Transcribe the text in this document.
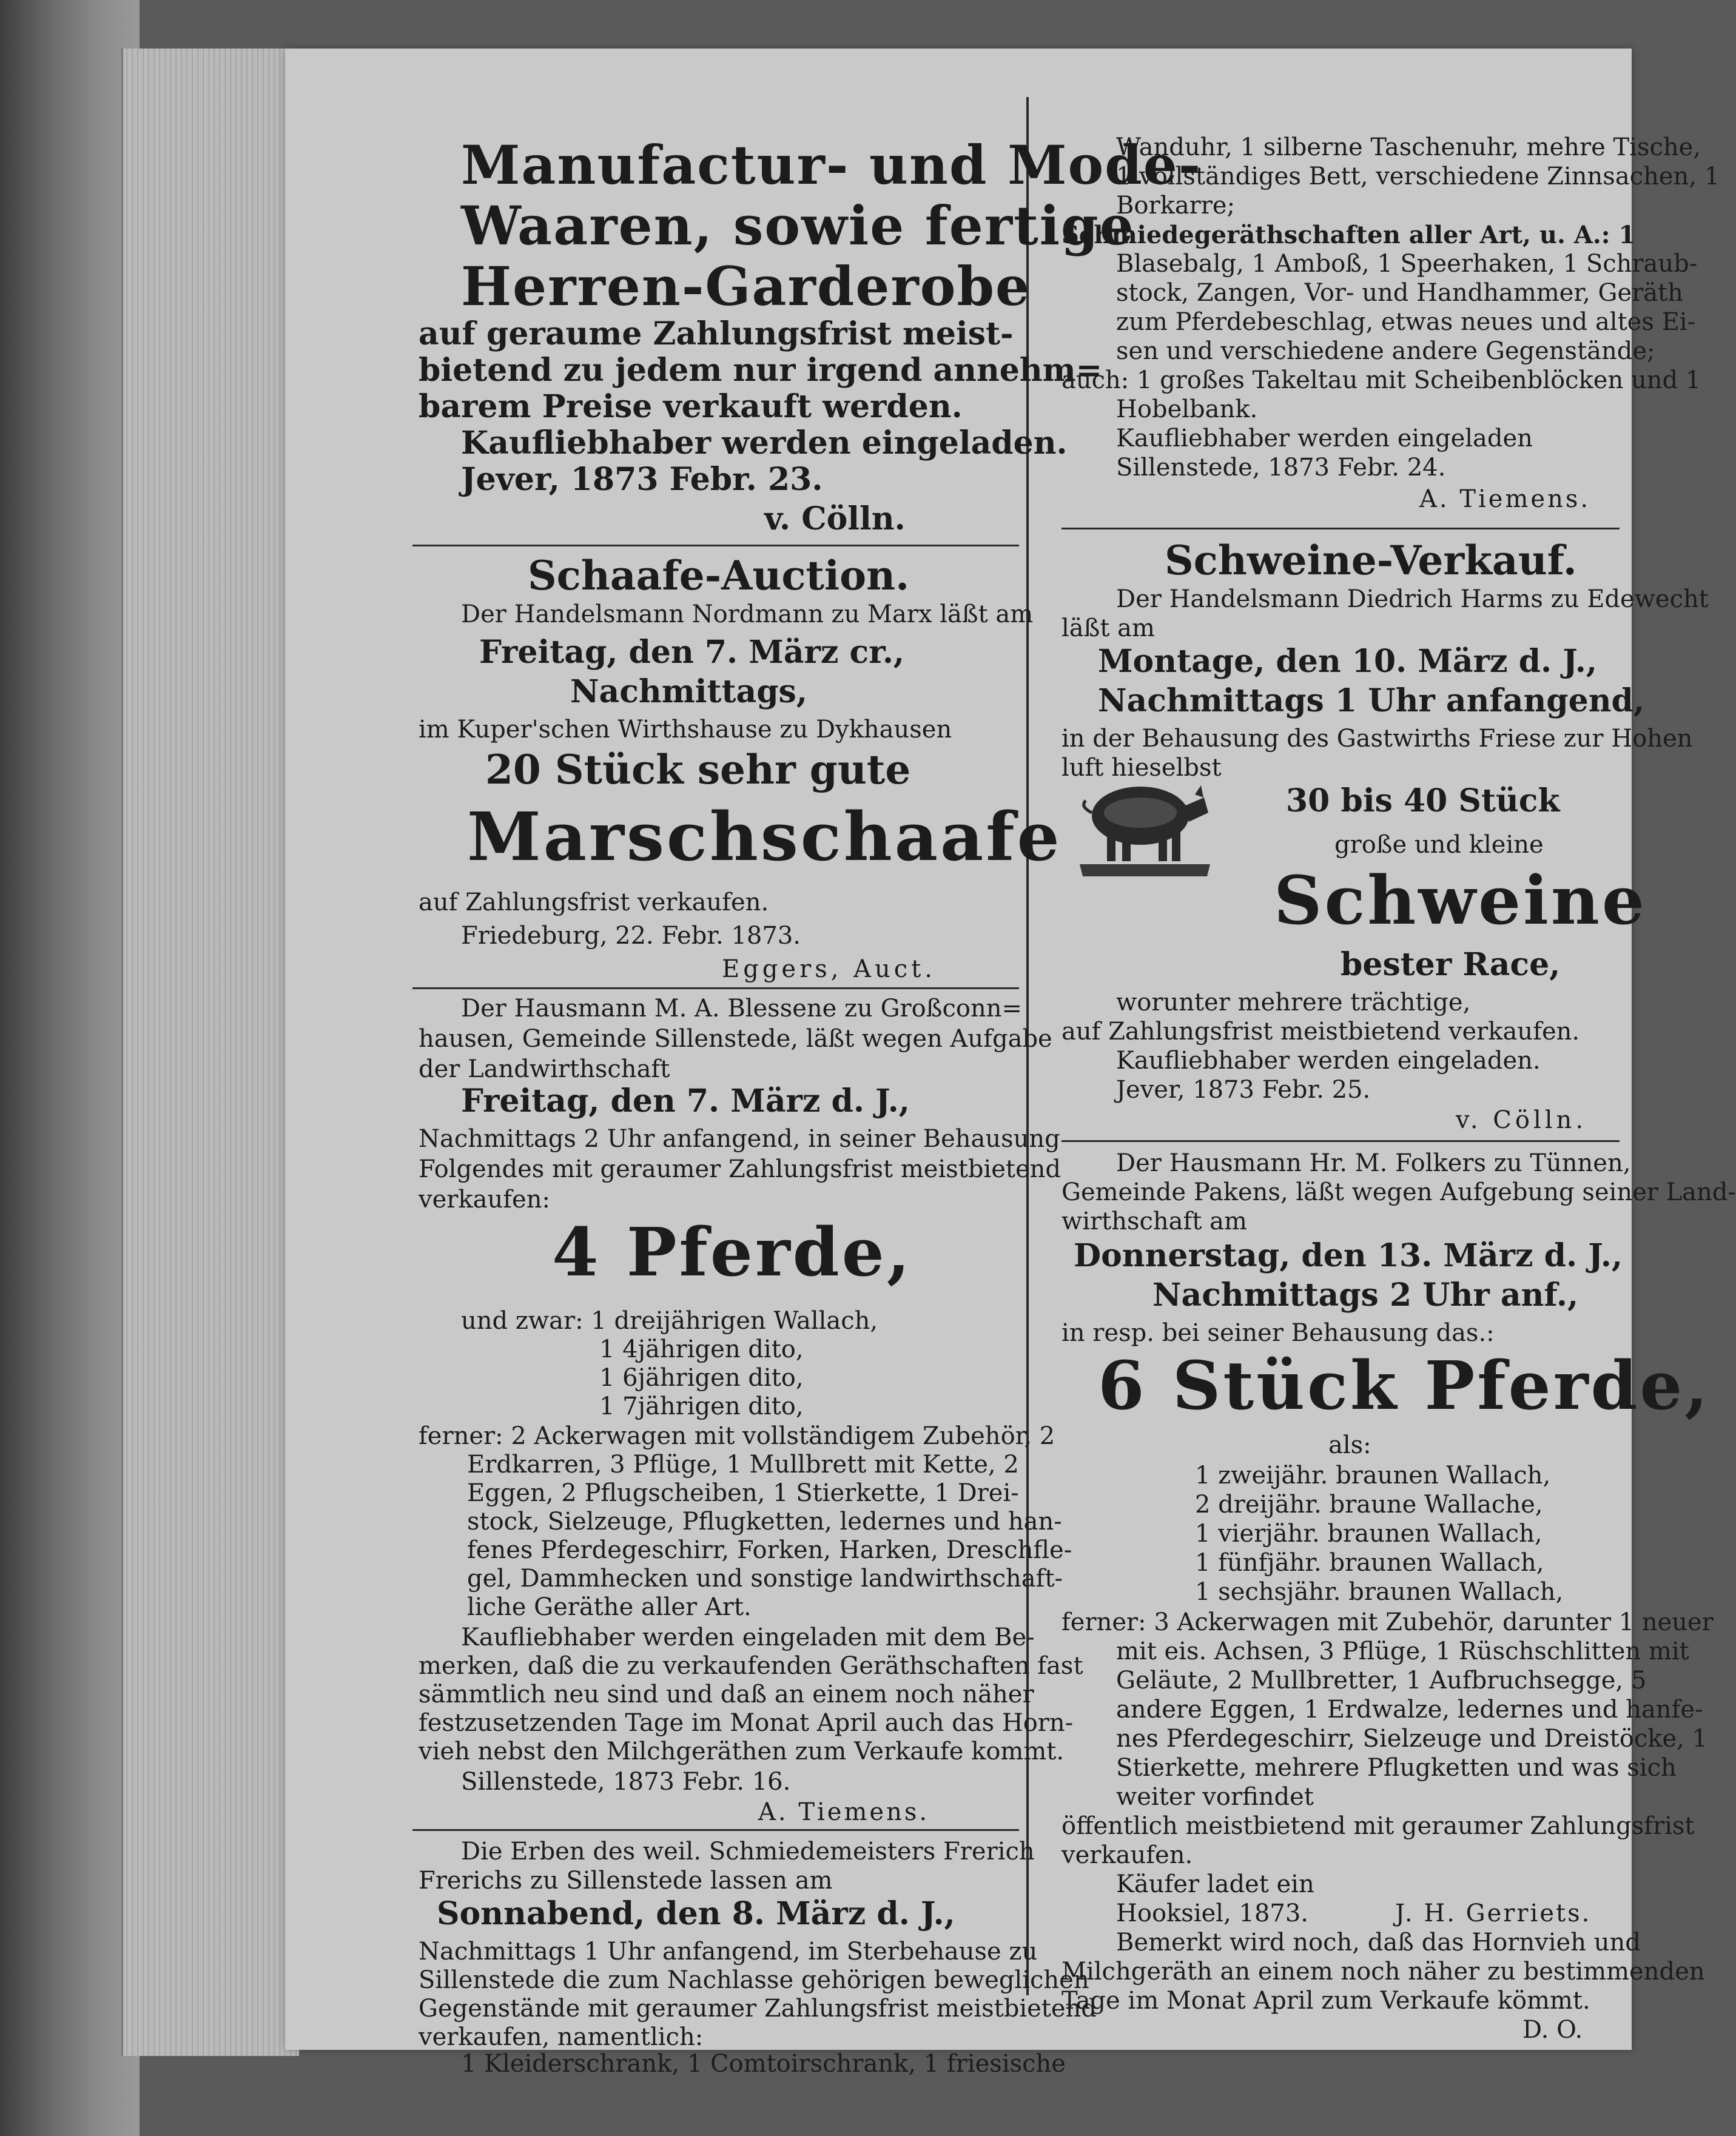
Manufactur- und Mode-
Waaren, sowie fertige
Herren-Garderobe
auf geraume Zahlungsfrist meist-
bietend zu jedem nur irgend annehm=
barem Preise verkauft werden.
Kaufliebhaber werden eingeladen.
Jever, 1873 Febr. 23.
v. Cölln.
Schaafe-Auction.
Der Handelsmann Nordmann zu Marx läßt am
Freitag, den 7. März cr.,
Nachmittags,
im Kuper'schen Wirthshause zu Dykhausen
20 Stück sehr gute
Marschschaafe
auf Zahlungsfrist verkaufen.
Friedeburg, 22. Febr. 1873.
Eggers, Auct.
Der Hausmann M. A. Blessene zu Großconn=
hausen, Gemeinde Sillenstede, läßt wegen Aufgabe
der Landwirthschaft
Freitag, den 7. März d. J.,
Nachmittags 2 Uhr anfangend, in seiner Behausung
Folgendes mit geraumer Zahlungsfrist meistbietend
verkaufen:
4 Pferde,
und zwar: 1 dreijährigen Wallach,
1 4jährigen dito,
1 6jährigen dito,
1 7jährigen dito,
ferner: 2 Ackerwagen mit vollständigem Zubehör, 2
Erdkarren, 3 Pflüge, 1 Mullbrett mit Kette, 2
Eggen, 2 Pflugscheiben, 1 Stierkette, 1 Drei-
stock, Sielzeuge, Pflugketten, ledernes und han-
fenes Pferdegeschirr, Forken, Harken, Dreschfle-
gel, Dammhecken und sonstige landwirthschaft-
liche Geräthe aller Art.
Kaufliebhaber werden eingeladen mit dem Be-
merken, daß die zu verkaufenden Geräthschaften fast
sämmtlich neu sind und daß an einem noch näher
festzusetzenden Tage im Monat April auch das Horn-
vieh nebst den Milchgeräthen zum Verkaufe kommt.
Sillenstede, 1873 Febr. 16.
A. Tiemens.
Die Erben des weil. Schmiedemeisters Frerich
Frerichs zu Sillenstede lassen am
Sonnabend, den 8. März d. J.,
Nachmittags 1 Uhr anfangend, im Sterbehause zu
Sillenstede die zum Nachlasse gehörigen beweglichen
Gegenstände mit geraumer Zahlungsfrist meistbietend
verkaufen, namentlich:
Wanduhr, 1 silberne Taschenuhr, mehre Tische,
1 vollständiges Bett, verschiedene Zinnsachen, 1
Borkarre;
Schmiedegeräthschaften aller Art, u. A.: 1
Blasebalg, 1 Amboß, 1 Speerhaken, 1 Schraub-
stock, Zangen, Vor- und Handhammer, Geräth
zum Pferdebeschlag, etwas neues und altes Ei-
sen und verschiedene andere Gegenstände;
auch: 1 großes Takeltau mit Scheibenblöcken und 1
Hobelbank.
Kaufliebhaber werden eingeladen
Sillenstede, 1873 Febr. 24.
A. Tiemens.
Schweine-Verkauf.
Der Handelsmann Diedrich Harms zu Edewecht
läßt am
Montage, den 10. März d. J.,
Nachmittags 1 Uhr anfangend,
in der Behausung des Gastwirths Friese zur Hohen
luft hieselbst
30 bis 40 Stück
große und kleine
Schweine
bester Race,
worunter mehrere trächtige,
auf Zahlungsfrist meistbietend verkaufen.
Kaufliebhaber werden eingeladen.
Jever, 1873 Febr. 25.
v. Cölln.
Der Hausmann Hr. M. Folkers zu Tünnen,
Gemeinde Pakens, läßt wegen Aufgebung seiner Land-
wirthschaft am
Donnerstag, den 13. März d. J.,
Nachmittags 2 Uhr anf.,
in resp. bei seiner Behausung das.:
6 Stück Pferde,
als:
1 zweijähr. braunen Wallach,
2 dreijähr. braune Wallache,
1 vierjähr. braunen Wallach,
1 fünfjähr. braunen Wallach,
1 sechsjähr. braunen Wallach,
ferner: 3 Ackerwagen mit Zubehör, darunter 1 neuer
mit eis. Achsen, 3 Pflüge, 1 Rüschschlitten mit
Geläute, 2 Mullbretter, 1 Aufbruchsegge, 5
andere Eggen, 1 Erdwalze, ledernes und hanfe-
nes Pferdegeschirr, Sielzeuge und Dreistöcke, 1
Stierkette, mehrere Pflugketten und was sich
weiter vorfindet
öffentlich meistbietend mit geraumer Zahlungsfrist
verkaufen.
Käufer ladet ein
Hooksiel, 1873.	J. H. Gerriets.
Bemerkt wird noch, daß das Hornvieh und
Milchgeräth an einem noch näher zu bestimmenden
Tage im Monat April zum Verkaufe kömmt.
D. O.
1 Kleiderschrank, 1 Comtoirschrank, 1 friesische
